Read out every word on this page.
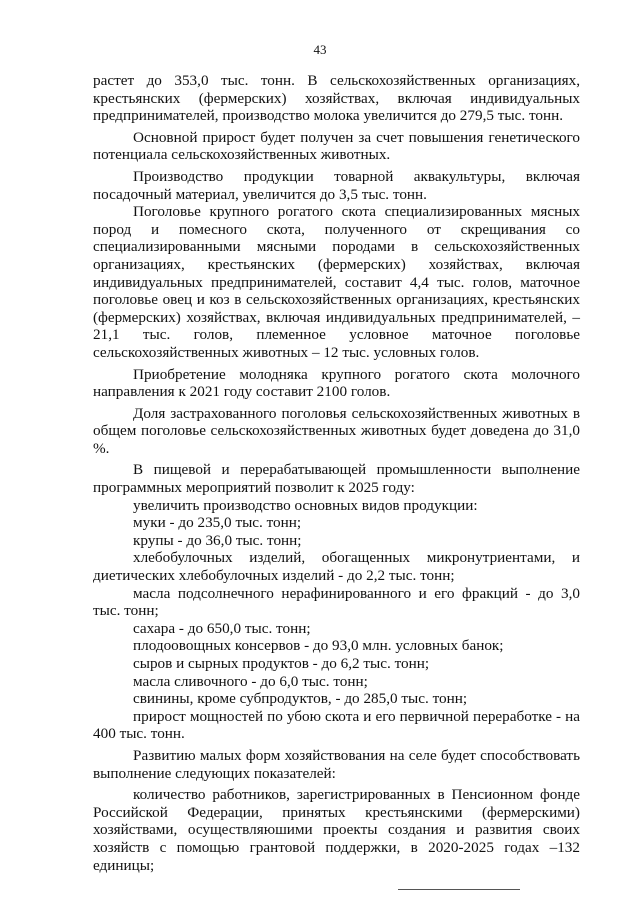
43

растет до 353,0 тыс. тонн. В сельскохозяйственных организациях, крестьянских (фермерских) хозяйствах, включая индивидуальных предпринимателей, производство молока увеличится до 279,5 тыс. тонн.

Основной прирост будет получен за счет повышения генетического потенциала сельскохозяйственных животных.

Производство продукции товарной аквакультуры, включая посадочный материал, увеличится до 3,5 тыс. тонн.

Поголовье крупного рогатого скота специализированных мясных пород и помесного скота, полученного от скрещивания со специализированными мясными породами в сельскохозяйственных организациях, крестьянских (фермерских) хозяйствах, включая индивидуальных предпринимателей, составит 4,4 тыс. голов, маточное поголовье овец и коз в сельскохозяйственных организациях, крестьянских (фермерских) хозяйствах, включая индивидуальных предпринимателей, – 21,1 тыс. голов, племенное условное маточное поголовье сельскохозяйственных животных – 12 тыс. условных голов.

Приобретение молодняка крупного рогатого скота молочного направления к 2021 году составит 2100 голов.

Доля застрахованного поголовья сельскохозяйственных животных в общем поголовье сельскохозяйственных животных будет доведена до 31,0 %.

В пищевой и перерабатывающей промышленности выполнение программных мероприятий позволит к 2025 году:

увеличить производство основных видов продукции:

муки - до 235,0 тыс. тонн;

крупы - до 36,0 тыс. тонн;

хлебобулочных изделий, обогащенных микронутриентами, и диетических хлебобулочных изделий - до 2,2 тыс. тонн;

масла подсолнечного нерафинированного и его фракций - до 3,0 тыс. тонн;

сахара - до 650,0 тыс. тонн;

плодоовощных консервов - до 93,0 млн. условных банок;

сыров и сырных продуктов - до 6,2 тыс. тонн;

масла сливочного - до 6,0 тыс. тонн;

свинины, кроме субпродуктов, - до 285,0 тыс. тонн;

прирост мощностей по убою скота и его первичной переработке - на 400 тыс. тонн.

Развитию малых форм хозяйствования на селе будет способствовать выполнение следующих показателей:

количество работников, зарегистрированных в Пенсионном фонде Российской Федерации, принятых крестьянскими (фермерскими) хозяйствами, осуществляюшими проекты создания и развития своих хозяйств с помощью грантовой поддержки, в 2020-2025 годах –132 единицы;
